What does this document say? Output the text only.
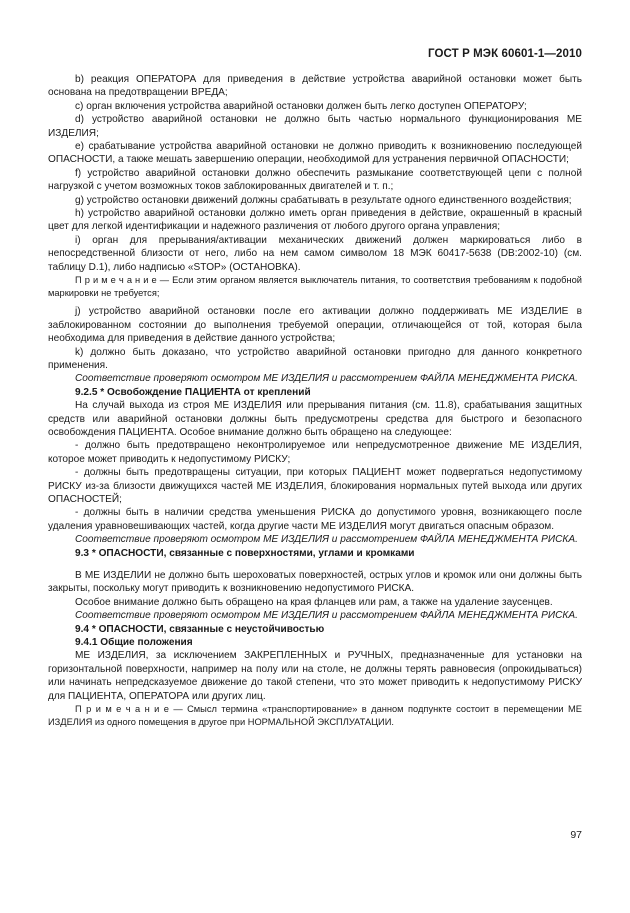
ГОСТ Р МЭК 60601-1—2010

b) реакция ОПЕРАТОРА для приведения в действие устройства аварийной остановки может быть основана на предотвращении ВРЕДА;

c) орган включения устройства аварийной остановки должен быть легко доступен ОПЕРАТОРУ;

d) устройство аварийной остановки не должно быть частью нормального функционирования МЕ ИЗДЕЛИЯ;

e) срабатывание устройства аварийной остановки не должно приводить к возникновению последующей ОПАСНОСТИ, а также мешать завершению операции, необходимой для устранения первичной ОПАСНОСТИ;

f) устройство аварийной остановки должно обеспечить размыкание соответствующей цепи с полной нагрузкой с учетом возможных токов заблокированных двигателей и т. п.;

g) устройство остановки движений должны срабатывать в результате одного единственного воздействия;

h) устройство аварийной остановки должно иметь орган приведения в действие, окрашенный в красный цвет для легкой идентификации и надежного различения от любого другого органа управления;

i) орган для прерывания/активации механических движений должен маркироваться либо в непосредственной близости от него, либо на нем самом символом 18 МЭК 60417-5638 (DB:2002-10) (см. таблицу D.1), либо надписью «STOP» (ОСТАНОВКА).

П р и м е ч а н и е — Если этим органом является выключатель питания, то соответствия требованиям к подобной маркировки не требуется;

j) устройство аварийной остановки после его активации должно поддерживать МЕ ИЗДЕЛИЕ в заблокированном состоянии до выполнения требуемой операции, отличающейся от той, которая была необходима для приведения в действие данного устройства;

k) должно быть доказано, что устройство аварийной остановки пригодно для данного конкретного применения.

Соответствие проверяют осмотром МЕ ИЗДЕЛИЯ и рассмотрением ФАЙЛА МЕНЕДЖМЕНТА РИСКА.

9.2.5 * Освобождение ПАЦИЕНТА от креплений

На случай выхода из строя МЕ ИЗДЕЛИЯ или прерывания питания (см. 11.8), срабатывания защитных средств или аварийной остановки должны быть предусмотрены средства для быстрого и безопасного освобождения ПАЦИЕНТА. Особое внимание должно быть обращено на следующее:

- должно быть предотвращено неконтролируемое или непредусмотренное движение МЕ ИЗДЕЛИЯ, которое может приводить к недопустимому РИСКУ;

- должны быть предотвращены ситуации, при которых ПАЦИЕНТ может подвергаться недопустимому РИСКУ из-за близости движущихся частей МЕ ИЗДЕЛИЯ, блокирования нормальных путей выхода или других ОПАСНОСТЕЙ;

- должны быть в наличии средства уменьшения РИСКА до допустимого уровня, возникающего после удаления уравновешивающих частей, когда другие части МЕ ИЗДЕЛИЯ могут двигаться опасным образом.

Соответствие проверяют осмотром МЕ ИЗДЕЛИЯ и рассмотрением ФАЙЛА МЕНЕДЖМЕНТА РИСКА.

9.3 * ОПАСНОСТИ, связанные с поверхностями, углами и кромками

В МЕ ИЗДЕЛИИ не должно быть шероховатых поверхностей, острых углов и кромок или они должны быть закрыты, поскольку могут приводить к возникновению недопустимого РИСКА.

Особое внимание должно быть обращено на края фланцев или рам, а также на удаление заусенцев.

Соответствие проверяют осмотром МЕ ИЗДЕЛИЯ и рассмотрением ФАЙЛА МЕНЕДЖМЕНТА РИСКА.

9.4 * ОПАСНОСТИ, связанные с неустойчивостью

9.4.1 Общие положения

МЕ ИЗДЕЛИЯ, за исключением ЗАКРЕПЛЕННЫХ и РУЧНЫХ, предназначенные для установки на горизонтальной поверхности, например на полу или на столе, не должны терять равновесия (опрокидываться) или начинать непредсказуемое движение до такой степени, что это может приводить к недопустимому РИСКУ для ПАЦИЕНТА, ОПЕРАТОРА или других лиц.

П р и м е ч а н и е — Смысл термина «транспортирование» в данном подпункте состоит в перемещении МЕ ИЗДЕЛИЯ из одного помещения в другое при НОРМАЛЬНОЙ ЭКСПЛУАТАЦИИ.

97
